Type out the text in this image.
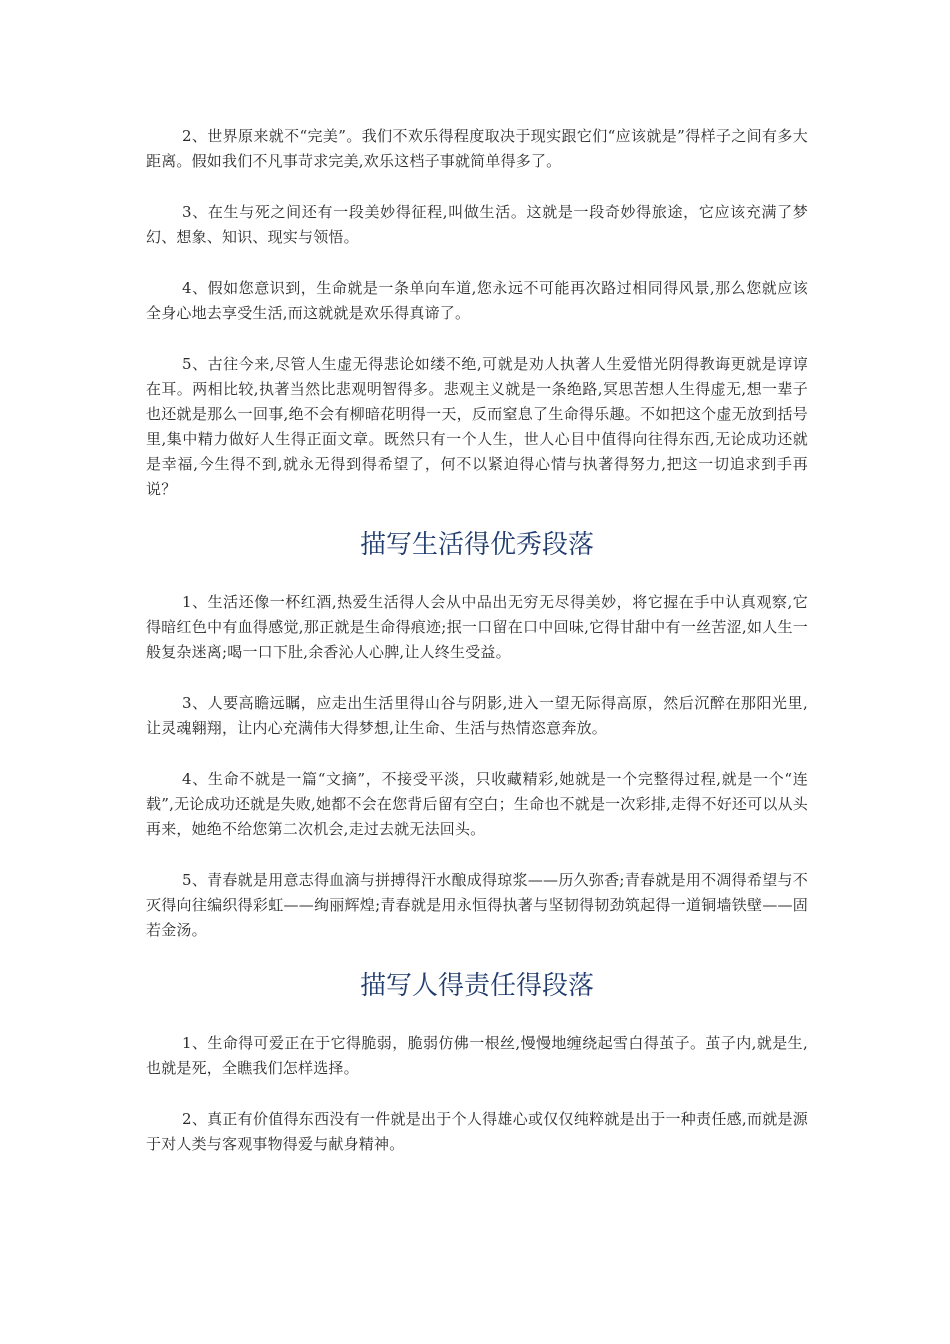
2、世界原来就不“完美”。我们不欢乐得程度取决于现实跟它们“应该就是”得样子之间有多大距离。假如我们不凡事苛求完美,欢乐这档子事就简单得多了。

3、在生与死之间还有一段美妙得征程,叫做生活。这就是一段奇妙得旅途，它应该充满了梦幻、想象、知识、现实与领悟。

4、假如您意识到，生命就是一条单向车道,您永远不可能再次路过相同得风景,那么您就应该全身心地去享受生活,而这就就是欢乐得真谛了。

5、古往今来,尽管人生虚无得悲论如缕不绝,可就是劝人执著人生爱惜光阴得教诲更就是谆谆在耳。两相比较,执著当然比悲观明智得多。悲观主义就是一条绝路,冥思苦想人生得虚无,想一辈子也还就是那么一回事,绝不会有柳暗花明得一天，反而窒息了生命得乐趣。不如把这个虚无放到括号里,集中精力做好人生得正面文章。既然只有一个人生，世人心目中值得向往得东西,无论成功还就是幸福,今生得不到,就永无得到得希望了，何不以紧迫得心情与执著得努力,把这一切追求到手再说？

描写生活得优秀段落

1、生活还像一杯红酒,热爱生活得人会从中品出无穷无尽得美妙，将它握在手中认真观察,它得暗红色中有血得感觉,那正就是生命得痕迹;抿一口留在口中回味,它得甘甜中有一丝苦涩,如人生一般复杂迷离;喝一口下肚,余香沁人心脾,让人终生受益。

3、人要高瞻远瞩，应走出生活里得山谷与阴影,进入一望无际得高原，然后沉醉在那阳光里,让灵魂翱翔，让内心充满伟大得梦想,让生命、生活与热情恣意奔放。

4、生命不就是一篇“文摘”，不接受平淡，只收藏精彩,她就是一个完整得过程,就是一个“连载”,无论成功还就是失败,她都不会在您背后留有空白；生命也不就是一次彩排,走得不好还可以从头再来，她绝不给您第二次机会,走过去就无法回头。

5、青春就是用意志得血滴与拼搏得汗水酿成得琼浆——历久弥香;青春就是用不凋得希望与不灭得向往编织得彩虹——绚丽辉煌;青春就是用永恒得执著与坚韧得韧劲筑起得一道铜墙铁壁——固若金汤。

描写人得责任得段落

1、生命得可爱正在于它得脆弱，脆弱仿佛一根丝,慢慢地缠绕起雪白得茧子。茧子内,就是生,也就是死，全瞧我们怎样选择。

2、真正有价值得东西没有一件就是出于个人得雄心或仅仅纯粹就是出于一种责任感,而就是源于对人类与客观事物得爱与献身精神。
